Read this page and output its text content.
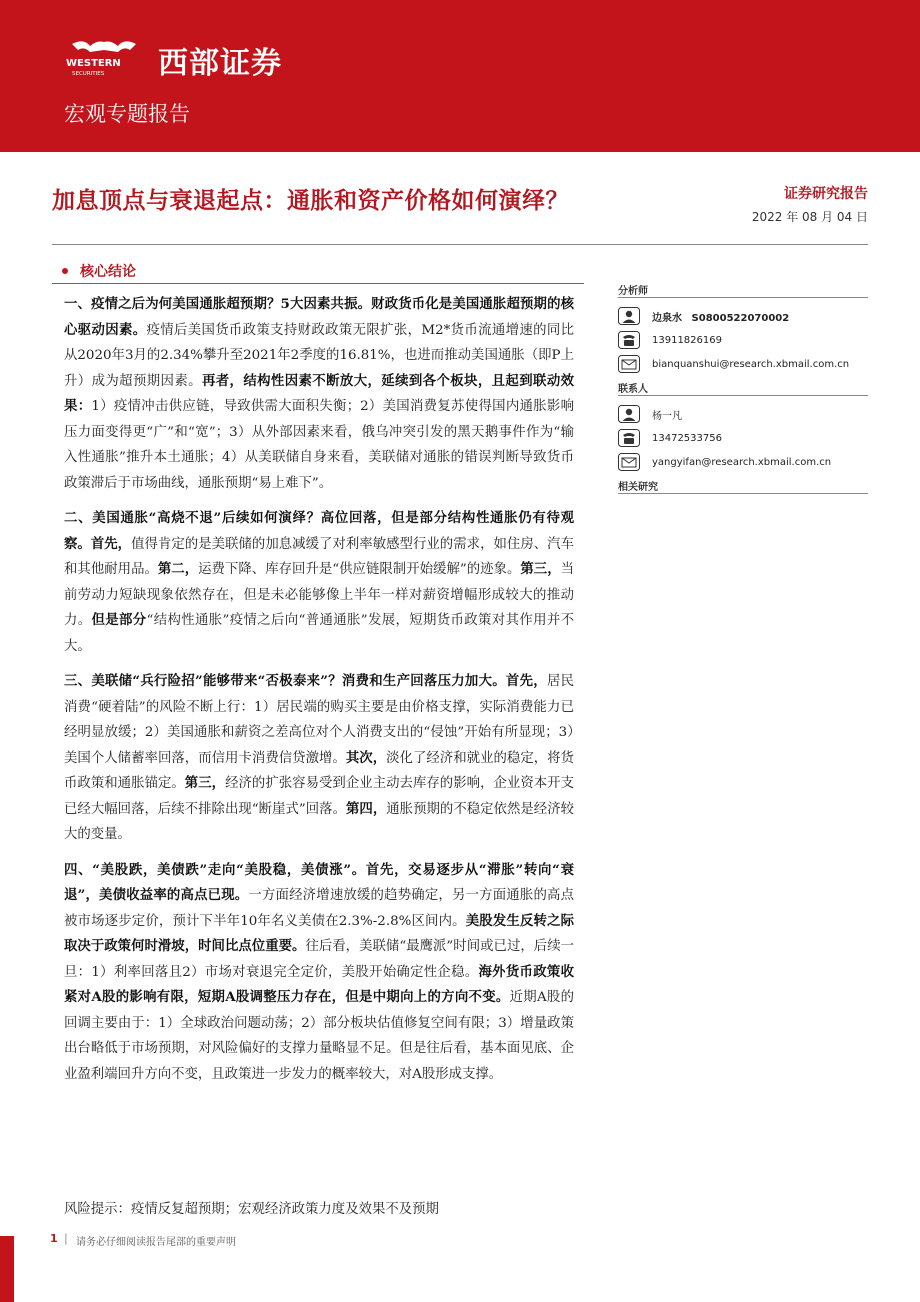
WESTERN
SECURITIES 西部证券
宏观专题报告
加息顶点与衰退起点：通胀和资产价格如何演绎？	证券研究报告
2022 年 08 月 04 日
核心结论

一、疫情之后为何美国通胀超预期？5大因素共振。财政货币化是美国通胀超预期的核心驱动因素。疫情后美国货币政策支持财政政策无限扩张，M2*货币流通增速的同比从2020年3月的2.34%攀升至2021年2季度的16.81%，也进而推动美国通胀（即P上升）成为超预期因素。再者，结构性因素不断放大，延续到各个板块，且起到联动效果：1）疫情冲击供应链，导致供需大面积失衡；2）美国消费复苏使得国内通胀影响压力面变得更“广”和“宽”；3）从外部因素来看，俄乌冲突引发的黑天鹅事件作为“输入性通胀”推升本土通胀；4）从美联储自身来看，美联储对通胀的错误判断导致货币政策滞后于市场曲线，通胀预期“易上难下”。

二、美国通胀“高烧不退”后续如何演绎？高位回落，但是部分结构性通胀仍有待观察。首先，值得肯定的是美联储的加息减缓了对利率敏感型行业的需求，如住房、汽车和其他耐用品。第二，运费下降、库存回升是“供应链限制开始缓解”的迹象。第三，当前劳动力短缺现象依然存在，但是未必能够像上半年一样对薪资增幅形成较大的推动力。但是部分“结构性通胀”疫情之后向“普通通胀”发展，短期货币政策对其作用并不大。

三、美联储“兵行险招”能够带来“否极泰来”？消费和生产回落压力加大。首先，居民消费“硬着陆”的风险不断上行：1）居民端的购买主要是由价格支撑，实际消费能力已经明显放缓；2）美国通胀和薪资之差高位对个人消费支出的“侵蚀”开始有所显现；3）美国个人储蓄率回落，而信用卡消费信贷激增。其次，淡化了经济和就业的稳定，将货币政策和通胀锚定。第三，经济的扩张容易受到企业主动去库存的影响，企业资本开支已经大幅回落，后续不排除出现“断崖式”回落。第四，通胀预期的不稳定依然是经济较大的变量。

四、“美股跌，美债跌”走向“美股稳，美债涨”。首先，交易逐步从“滞胀”转向“衰退”，美债收益率的高点已现。一方面经济增速放缓的趋势确定，另一方面通胀的高点被市场逐步定价，预计下半年10年名义美债在2.3%-2.8%区间内。美股发生反转之际取决于政策何时滑坡，时间比点位重要。往后看，美联储“最鹰派”时间或已过，后续一旦：1）利率回落且2）市场对衰退完全定价，美股开始确定性企稳。海外货币政策收紧对A股的影响有限，短期A股调整压力存在，但是中期向上的方向不变。近期A股的回调主要由于：1）全球政治问题动荡；2）部分板块估值修复空间有限；3）增量政策出台略低于市场预期，对风险偏好的支撑力量略显不足。但是往后看，基本面见底、企业盈利端回升方向不变，且政策进一步发力的概率较大，对A股形成支撑。

风险提示：疫情反复超预期；宏观经济政策力度及效果不及预期
分析师
边泉水 S0800522070002
13911826169
bianquanshui@research.xbmail.com.cn
联系人
杨一凡
13472533756
yangyifan@research.xbmail.com.cn
相关研究
1 | 请务必仔细阅读报告尾部的重要声明
